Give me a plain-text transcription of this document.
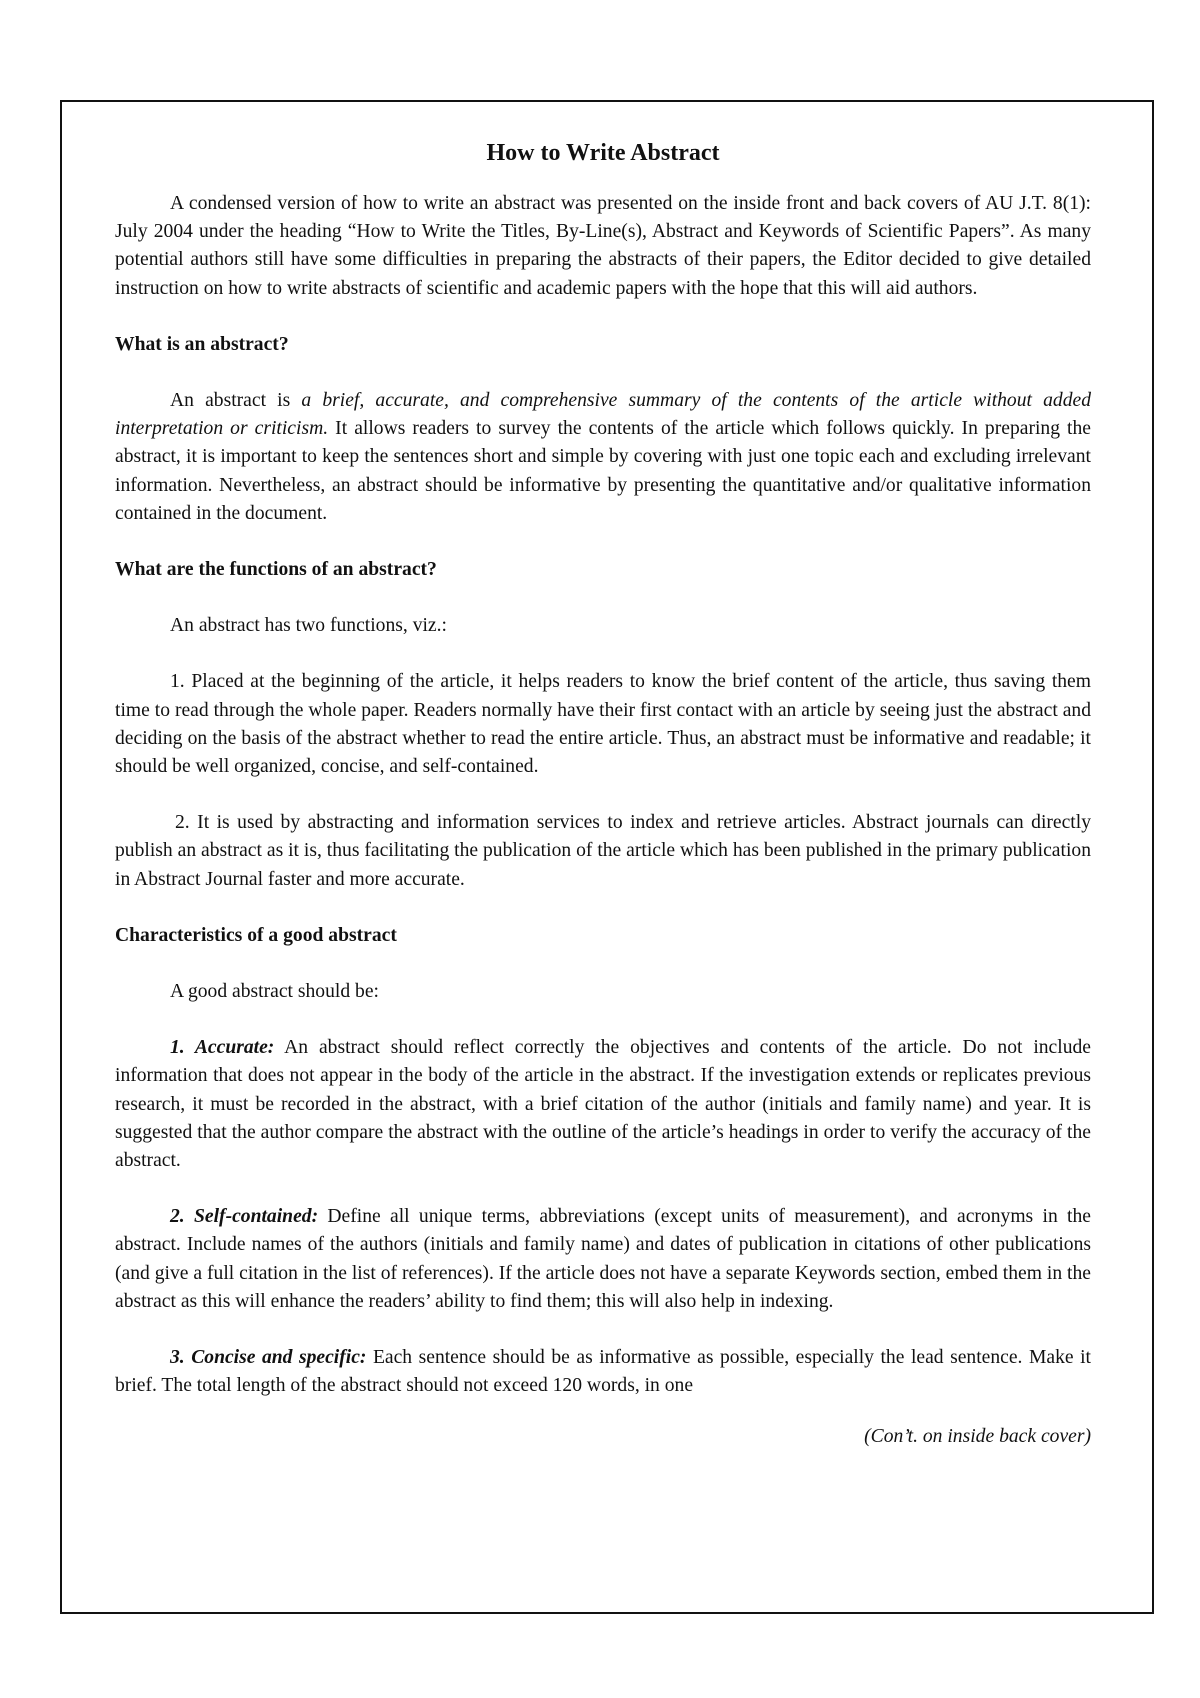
How to Write Abstract

A condensed version of how to write an abstract was presented on the inside front and back covers of AU J.T. 8(1): July 2004 under the heading “How to Write the Titles, By-Line(s), Abstract and Keywords of Scientific Papers”. As many potential authors still have some difficulties in preparing the abstracts of their papers, the Editor decided to give detailed instruction on how to write abstracts of scientific and academic papers with the hope that this will aid authors.

What is an abstract?

An abstract is a brief, accurate, and comprehensive summary of the contents of the article without added interpretation or criticism. It allows readers to survey the contents of the article which follows quickly. In preparing the abstract, it is important to keep the sentences short and simple by covering with just one topic each and excluding irrelevant information. Nevertheless, an abstract should be informative by presenting the quantitative and/or qualitative information contained in the document.

What are the functions of an abstract?

An abstract has two functions, viz.:

1. Placed at the beginning of the article, it helps readers to know the brief content of the article, thus saving them time to read through the whole paper. Readers normally have their first contact with an article by seeing just the abstract and deciding on the basis of the abstract whether to read the entire article. Thus, an abstract must be informative and readable; it should be well organized, concise, and self-contained.

2. It is used by abstracting and information services to index and retrieve articles. Abstract journals can directly publish an abstract as it is, thus facilitating the publication of the article which has been published in the primary publication in Abstract Journal faster and more accurate.

Characteristics of a good abstract

A good abstract should be:

1. Accurate: An abstract should reflect correctly the objectives and contents of the article. Do not include information that does not appear in the body of the article in the abstract. If the investigation extends or replicates previous research, it must be recorded in the abstract, with a brief citation of the author (initials and family name) and year. It is suggested that the author compare the abstract with the outline of the article’s headings in order to verify the accuracy of the abstract.

2. Self-contained: Define all unique terms, abbreviations (except units of measurement), and acronyms in the abstract. Include names of the authors (initials and family name) and dates of publication in citations of other publications (and give a full citation in the list of references). If the article does not have a separate Keywords section, embed them in the abstract as this will enhance the readers’ ability to find them; this will also help in indexing.

3. Concise and specific: Each sentence should be as informative as possible, especially the lead sentence. Make it brief. The total length of the abstract should not exceed 120 words, in one

(Con’t. on inside back cover)
